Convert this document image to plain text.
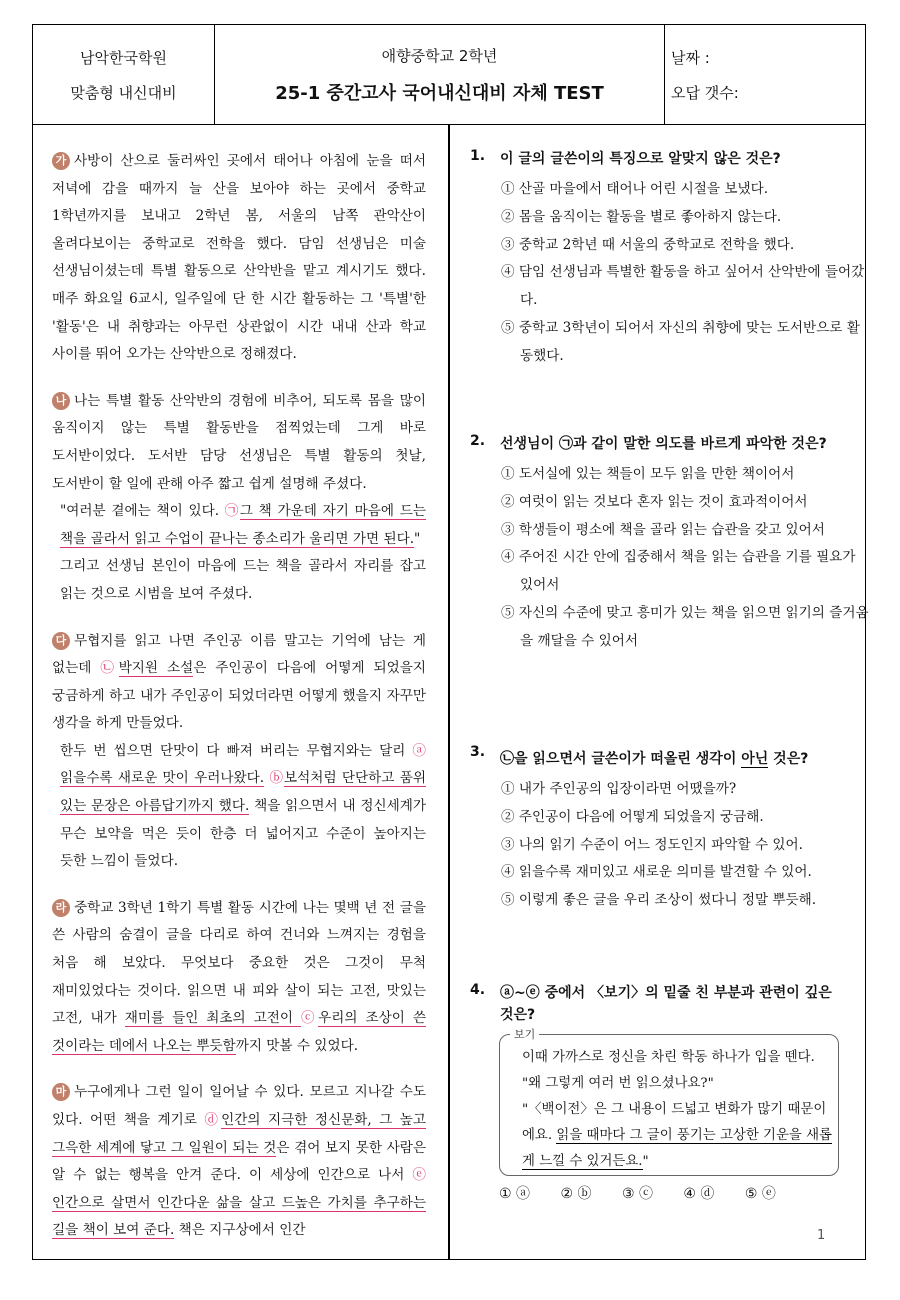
남악한국학원
맞춤형 내신대비
애향중학교 2학년
25-1 중간고사 국어내신대비 자체 TEST
날짜 :
오답 갯수:

가 사방이 산으로 둘러싸인 곳에서 태어나 아침에 눈을 떠서 저녁에 감을 때까지 늘 산을 보아야 하는 곳에서 중학교 1학년까지를 보내고 2학년 봄, 서울의 남쪽 관악산이 올려다보이는 중학교로 전학을 했다. 담임 선생님은 미술 선생님이셨는데 특별 활동으로 산악반을 맡고 계시기도 했다. 매주 화요일 6교시, 일주일에 단 한 시간 활동하는 그 '특별'한 '활동'은 내 취향과는 아무런 상관없이 시간 내내 산과 학교 사이를 뛰어 오가는 산악반으로 정해졌다.

나 나는 특별 활동 산악반의 경험에 비추어, 되도록 몸을 많이 움직이지 않는 특별 활동반을 점찍었는데 그게 바로 도서반이었다. 도서반 담당 선생님은 특별 활동의 첫날, 도서반이 할 일에 관해 아주 짧고 쉽게 설명해 주셨다.
"여러분 곁에는 책이 있다. ㉠그 책 가운데 자기 마음에 드는 책을 골라서 읽고 수업이 끝나는 종소리가 울리면 가면 된다."
그리고 선생님 본인이 마음에 드는 책을 골라서 자리를 잡고 읽는 것으로 시범을 보여 주셨다.

다 무협지를 읽고 나면 주인공 이름 말고는 기억에 남는 게 없는데 ㉡박지원 소설은 주인공이 다음에 어떻게 되었을지 궁금하게 하고 내가 주인공이 되었더라면 어떻게 했을지 자꾸만 생각을 하게 만들었다.
한두 번 씹으면 단맛이 다 빠져 버리는 무협지와는 달리 ⓐ읽을수록 새로운 맛이 우러나왔다. ⓑ보석처럼 단단하고 품위 있는 문장은 아름답기까지 했다. 책을 읽으면서 내 정신세계가 무슨 보약을 먹은 듯이 한층 더 넓어지고 수준이 높아지는 듯한 느낌이 들었다.

라 중학교 3학년 1학기 특별 활동 시간에 나는 몇백 년 전 글을 쓴 사람의 숨결이 글을 다리로 하여 건너와 느껴지는 경험을 처음 해 보았다. 무엇보다 중요한 것은 그것이 무척 재미있었다는 것이다. 읽으면 내 피와 살이 되는 고전, 맛있는 고전, 내가 재미를 들인 최초의 고전이 ⓒ우리의 조상이 쓴 것이라는 데에서 나오는 뿌듯함까지 맛볼 수 있었다.

마 누구에게나 그런 일이 일어날 수 있다. 모르고 지나갈 수도 있다. 어떤 책을 계기로 ⓓ인간의 지극한 정신문화, 그 높고 그윽한 세계에 닿고 그 일원이 되는 것은 겪어 보지 못한 사람은 알 수 없는 행복을 안겨 준다. 이 세상에 인간으로 나서 ⓔ인간으로 살면서 인간다운 삶을 살고 드높은 가치를 추구하는 길을 책이 보여 준다. 책은 지구상에서 인간

1. 이 글의 글쓴이의 특징으로 알맞지 않은 것은?
① 산골 마을에서 태어나 어린 시절을 보냈다.
② 몸을 움직이는 활동을 별로 좋아하지 않는다.
③ 중학교 2학년 때 서울의 중학교로 전학을 했다.
④ 담임 선생님과 특별한 활동을 하고 싶어서 산악반에 들어갔다.
⑤ 중학교 3학년이 되어서 자신의 취향에 맞는 도서반으로 활동했다.
2. 선생님이 ㉠과 같이 말한 의도를 바르게 파악한 것은?
① 도서실에 있는 책들이 모두 읽을 만한 책이어서
② 여럿이 읽는 것보다 혼자 읽는 것이 효과적이어서
③ 학생들이 평소에 책을 골라 읽는 습관을 갖고 있어서
④ 주어진 시간 안에 집중해서 책을 읽는 습관을 기를 필요가 있어서
⑤ 자신의 수준에 맞고 흥미가 있는 책을 읽으면 읽기의 즐거움을 깨달을 수 있어서
3. ㉡을 읽으면서 글쓴이가 떠올린 생각이 아닌 것은?
① 내가 주인공의 입장이라면 어땠을까?
② 주인공이 다음에 어떻게 되었을지 궁금해.
③ 나의 읽기 수준이 어느 정도인지 파악할 수 있어.
④ 읽을수록 재미있고 새로운 의미를 발견할 수 있어.
⑤ 이렇게 좋은 글을 우리 조상이 썼다니 정말 뿌듯해.
4. ⓐ~ⓔ 중에서 〈보기〉의 밑줄 친 부분과 관련이 깊은 것은?
보기
이때 가까스로 정신을 차린 학동 하나가 입을 뗀다.
"왜 그렇게 여러 번 읽으셨나요?"
"〈백이전〉은 그 내용이 드넓고 변화가 많기 때문이에요. 읽을 때마다 그 글이 풍기는 고상한 기운을 새롭게 느낄 수 있거든요."
① ⓐ ② ⓑ ③ ⓒ ④ ⓓ ⑤ ⓔ
1
